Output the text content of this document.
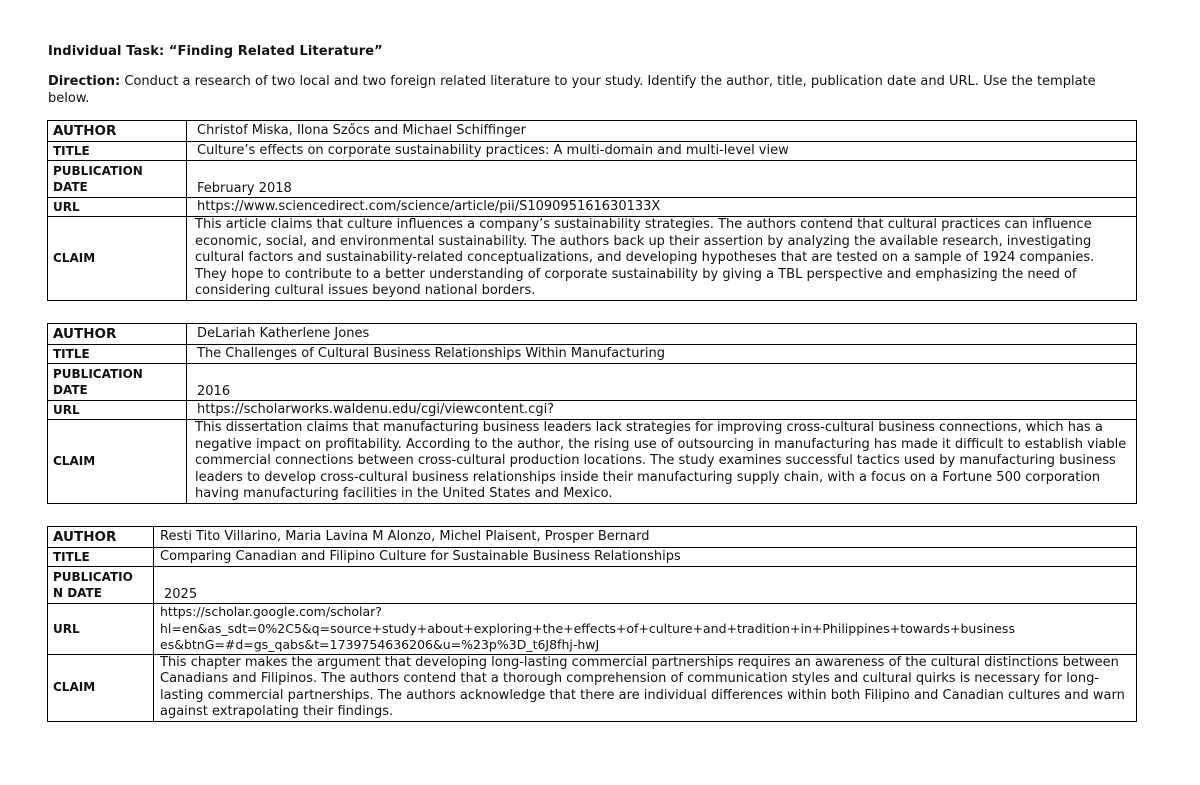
Individual Task: “Finding Related Literature”
Direction: Conduct a research of two local and two foreign related literature to your study. Identify the author, title, publication date and URL. Use the template below.
AUTHOR	Christof Miska, Ilona Szőcs and Michael Schiffinger
TITLE	Culture’s effects on corporate sustainability practices: A multi-domain and multi-level view

PUBLICATION
DATE	February 2018
URL	https://www.sciencedirect.com/science/article/pii/S109095161630133X
CLAIM	This article claims that culture influences a company’s sustainability strategies. The authors contend that cultural practices can influence economic, social, and environmental sustainability. The authors back up their assertion by analyzing the available research, investigating cultural factors and sustainability-related conceptualizations, and developing hypotheses that are tested on a sample of 1924 companies. They hope to contribute to a better understanding of corporate sustainability by giving a TBL perspective and emphasizing the need of considering cultural issues beyond national borders.
AUTHOR	DeLariah Katherlene Jones
TITLE	The Challenges of Cultural Business Relationships Within Manufacturing

PUBLICATION
DATE	2016
URL	https://scholarworks.waldenu.edu/cgi/viewcontent.cgi?
CLAIM	This dissertation claims that manufacturing business leaders lack strategies for improving cross-cultural business connections, which has a negative impact on profitability. According to the author, the rising use of outsourcing in manufacturing has made it difficult to establish viable commercial connections between cross-cultural production locations. The study examines successful tactics used by manufacturing business leaders to develop cross-cultural business relationships inside their manufacturing supply chain, with a focus on a Fortune 500 corporation having manufacturing facilities in the United States and Mexico.
AUTHOR	Resti Tito Villarino, Maria Lavina M Alonzo, Michel Plaisent, Prosper Bernard
TITLE	Comparing Canadian and Filipino Culture for Sustainable Business Relationships

PUBLICATIO
N DATE	2025
URL	https://scholar.google.com/scholar?
hl=en&as_sdt=0%2C5&q=source+study+about+exploring+the+effects+of+culture+and+tradition+in+Philippines+towards+business
es&btnG=#d=gs_qabs&t=1739754636206&u=%23p%3D_t6J8fhj-hwJ

CLAIM	This chapter makes the argument that developing long-lasting commercial partnerships requires an awareness of the cultural distinctions between Canadians and Filipinos. The authors contend that a thorough comprehension of communication styles and cultural quirks is necessary for long-lasting commercial partnerships. The authors acknowledge that there are individual differences within both Filipino and Canadian cultures and warn against extrapolating their findings.
